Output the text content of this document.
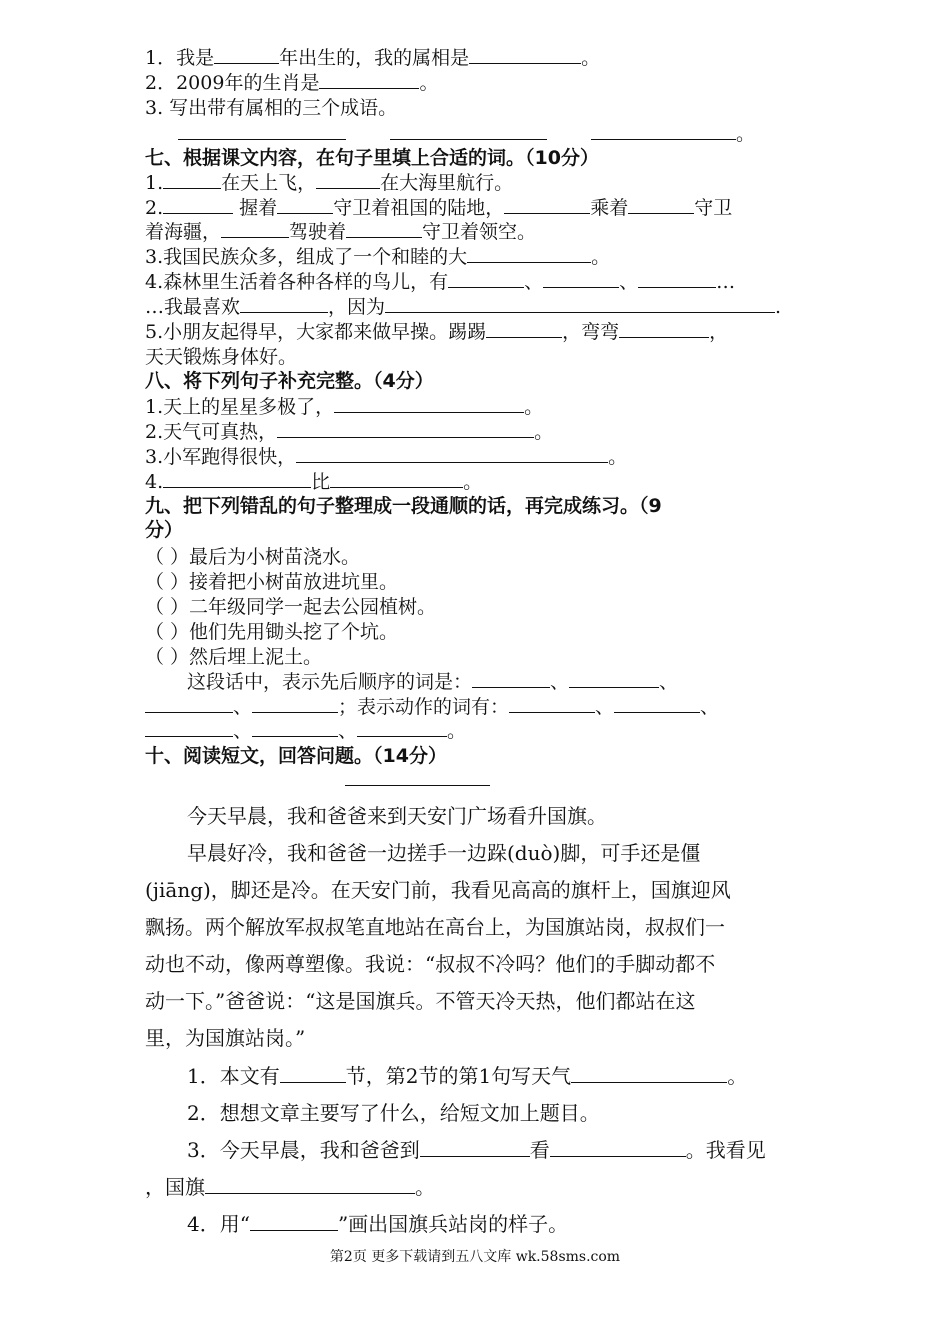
1．我是	年出生的，我的属相是	。
2．2009年的生肖是	。
3. 写出带有属相的三个成语。
。
七、根据课文内容，在句子里填上合适的词。（10分）
1.	在天上飞，	在大海里航行。
2.	握着	守卫着祖国的陆地，	乘着	守卫
着海疆，	驾驶着	守卫着领空。
3.我国民族众多，组成了一个和睦的大	。
4.森林里生活着各种各样的鸟儿，有	、	、	…
…我最喜欢	，因为	.
5.小朋友起得早，大家都来做早操。踢踢	，弯弯	，
天天锻炼身体好。
八、将下列句子补充完整。（4分）
1.天上的星星多极了，	。
2.天气可真热，	。
3.小军跑得很快，	。
4.	比	。
九、把下列错乱的句子整理成一段通顺的话，再完成练习。（9
分）
（ ）最后为小树苗浇水。
（ ）接着把小树苗放进坑里。
（ ）二年级同学一起去公园植树。
（ ）他们先用锄头挖了个坑。
（ ）然后埋上泥土。
这段话中，表示先后顺序的词是：	、	、
、	；表示动作的词有：	、	、
、	、	。
十、阅读短文，回答问题。（14分）
今天早晨，我和爸爸来到天安门广场看升国旗。
早晨好冷，我和爸爸一边搓手一边跺(duò)脚，可手还是僵
(jiāng)，脚还是冷。在天安门前，我看见高高的旗杆上，国旗迎风
飘扬。两个解放军叔叔笔直地站在高台上，为国旗站岗，叔叔们一
动也不动，像两尊塑像。我说：“叔叔不冷吗？他们的手脚动都不
动一下。”爸爸说：“这是国旗兵。不管天冷天热，他们都站在这
里，为国旗站岗。”
1．本文有	节，第2节的第1句写天气	。
2．想想文章主要写了什么，给短文加上题目。
3．今天早晨，我和爸爸到	看	。我看见
，国旗	。
4．用“	”画出国旗兵站岗的样子。
第2页 更多下载请到五八文库 wk.58sms.com
